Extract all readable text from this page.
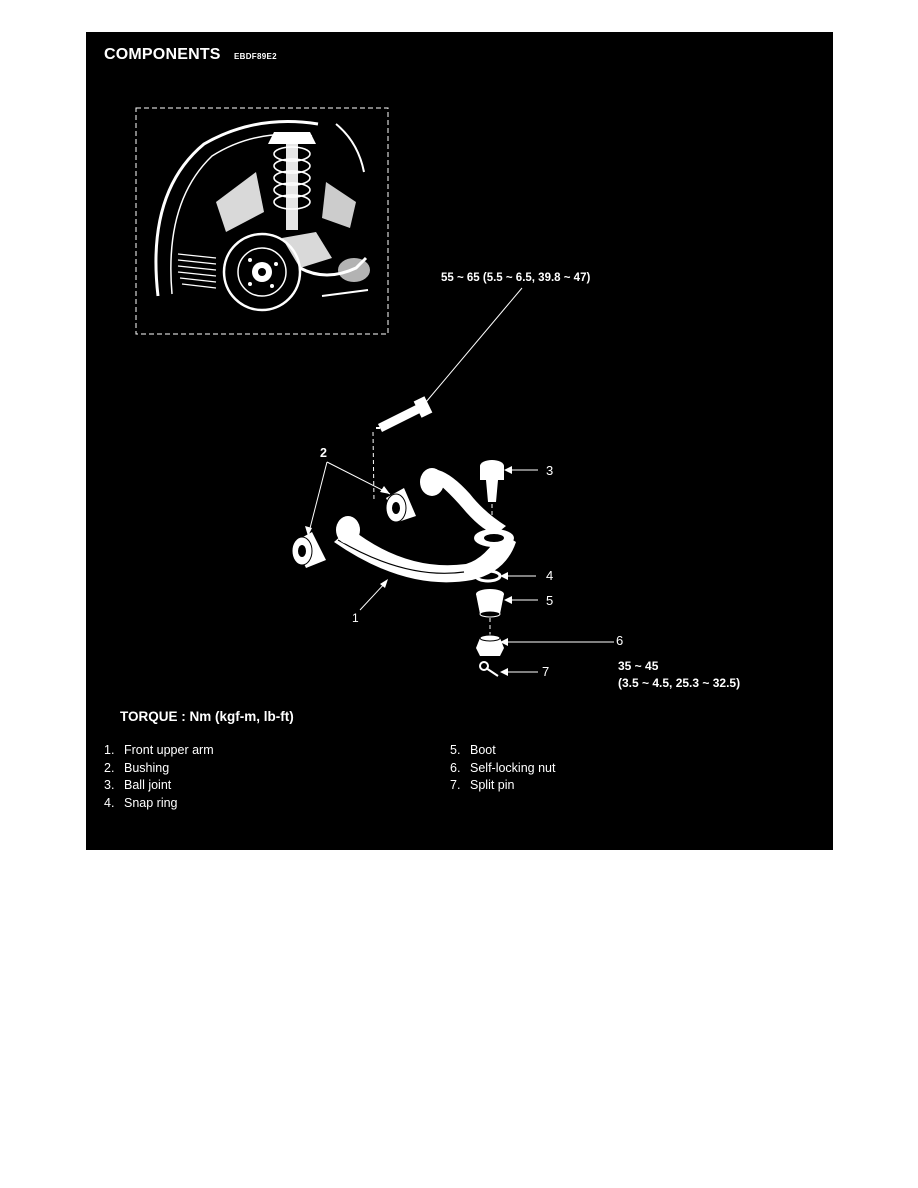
COMPONENTS EBDF89E2
55 ~ 65 (5.5 ~ 6.5, 39.8 ~ 47)
2
3
4
5
1
6
7	35 ~ 45
(3.5 ~ 4.5, 25.3 ~ 32.5)
TORQUE : Nm (kgf-m, lb-ft)
1. Front upper arm
2. Bushing
3. Ball joint
4. Snap ring
5. Boot
6. Self-locking nut
7. Split pin
